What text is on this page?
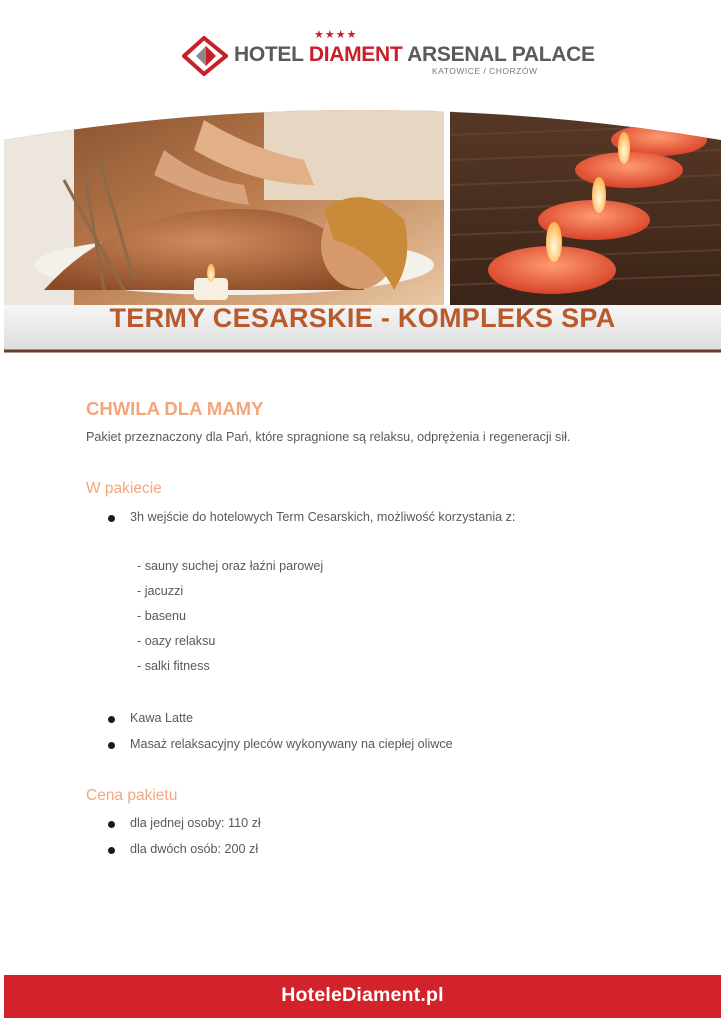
★★★★
HOTEL DIAMENT ARSENAL PALACE
KATOWICE / CHORZÓW
TERMY CESARSKIE - KOMPLEKS SPA
CHWILA DLA MAMY
Pakiet przeznaczony dla Pań, które spragnione są relaksu, odprężenia i regeneracji sił.
W pakiecie
3h wejście do hotelowych Term Cesarskich, możliwość korzystania z:
- sauny suchej oraz łaźni parowej
- jacuzzi
- basenu
- oazy relaksu
- salki fitness
Kawa Latte
Masaż relaksacyjny pleców wykonywany na ciepłej oliwce
Cena pakietu
dla jednej osoby: 110 zł
dla dwóch osób: 200 zł
HoteleDiament.pl
